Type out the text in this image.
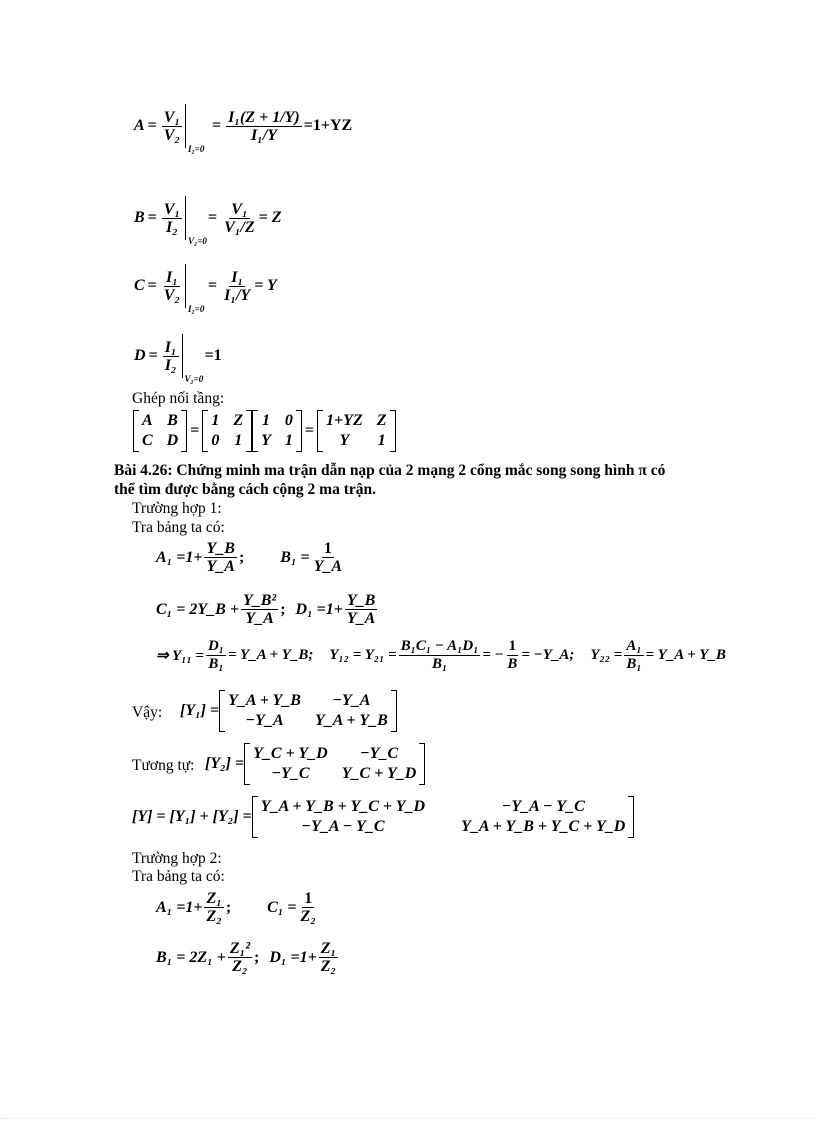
$A = \frac{\text{V₁}}{\text{V₂}}$
I₂=0
= $\frac{\text{I₁(Z + 1/Y)}}{\text{I₁/Y}} =1+YZ$
$B = \frac{\text{V₁}}{\text{I₂}}$
V₂=0
= $\frac{\text{V₁}}{\text{V₁/Z}} = Z$
$C = \frac{\text{I₁}}{\text{V₂}}$
I₂=0
= $\frac{\text{I₁}}{\text{I₁/Y}} = Y$
$D = \frac{\text{I₁}}{\text{I₂}}$
V₂=0
=1
Ghép nối tầng:
A B
C D
=
1 Z
0 1
1 0
Y 1
=
1+YZ Z
Y	1
Bài 4.26: Chứng minh ma trận dẫn nạp của 2 mạng 2 cổng mắc song song hình π có
thể tìm được bằng cách cộng 2 ma trận.
Trường hợp 1:
Tra bảng ta có:
$A_1 =1+ \frac{Y\_B}{Y\_A}$ ; $B_1 = \frac{1}{Y\_A}$
C₁ = 2Y_B + $\frac{\text{Y\_B²}}{Y\_A}$ ; $D_1 =1+ \frac{Y\_B}{Y\_A}$
⇒ $Y_{11} = \frac{\text{D₁}}{\text{B₁}}$ = Y_A + Y_B; $Y_{12} = Y_{21} = \frac{\text{B₁C₁ − A₁D₁}}{\text{B₁}}$ = − $\frac{1}{B}$ = −Y_A; $Y_{22} = \frac{\text{A₁}}{\text{B₁}}$ = Y_A + Y_B
Vậy: [Y₁] =
Y_A + Y_B	−Y_A
−Y_A	Y_A + Y_B
Tương tự: [Y₂] =
Y_C + Y_D	−Y_C
−Y_C	Y_C + Y_D
[Y] = [Y₁] + [Y₂] =
Y_A + Y_B + Y_C + Y_D	−Y_A − Y_C
−Y_A − Y_C	Y_A + Y_B + Y_C + Y_D
Trường hợp 2:
Tra bảng ta có:
$A_1 =1+ \frac{\text{Z₁}}{\text{Z₂}}$ ; $C_1 = \frac{1}{\text{Z₂}}$
$B_1 = 2Z_1 + \frac{\text{Z₁²}}{\text{Z₂}}$ ; $D_1 =1+ \frac{\text{Z₁}}{\text{Z₂}}$
